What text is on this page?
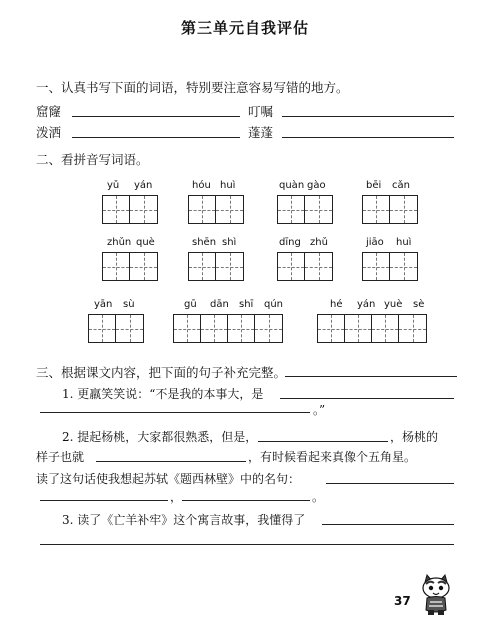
第三单元自我评估
一、认真书写下面的词语，特别要注意容易写错的地方。
窟窿	叮嘱
泼洒	蓬蓬
二、看拼音写词语。
yǔ yán	hóu huì	quàn gào	bēi cǎn
zhǔn què	shēn shì	dīng zhǔ	jiāo huì
yān sù	gū dān shī qún	hé yán yuè sè
三、根据课文内容，把下面的句子补充完整。
1. 更羸笑笑说：“不是我的本事大，是
。”
2. 提起杨桃，大家都很熟悉，但是，	，杨桃的
样子也就	，有时候看起来真像个五角星。
读了这句话使我想起苏轼《题西林壁》中的名句：
，	。
3. 读了《亡羊补牢》这个寓言故事，我懂得了
37
